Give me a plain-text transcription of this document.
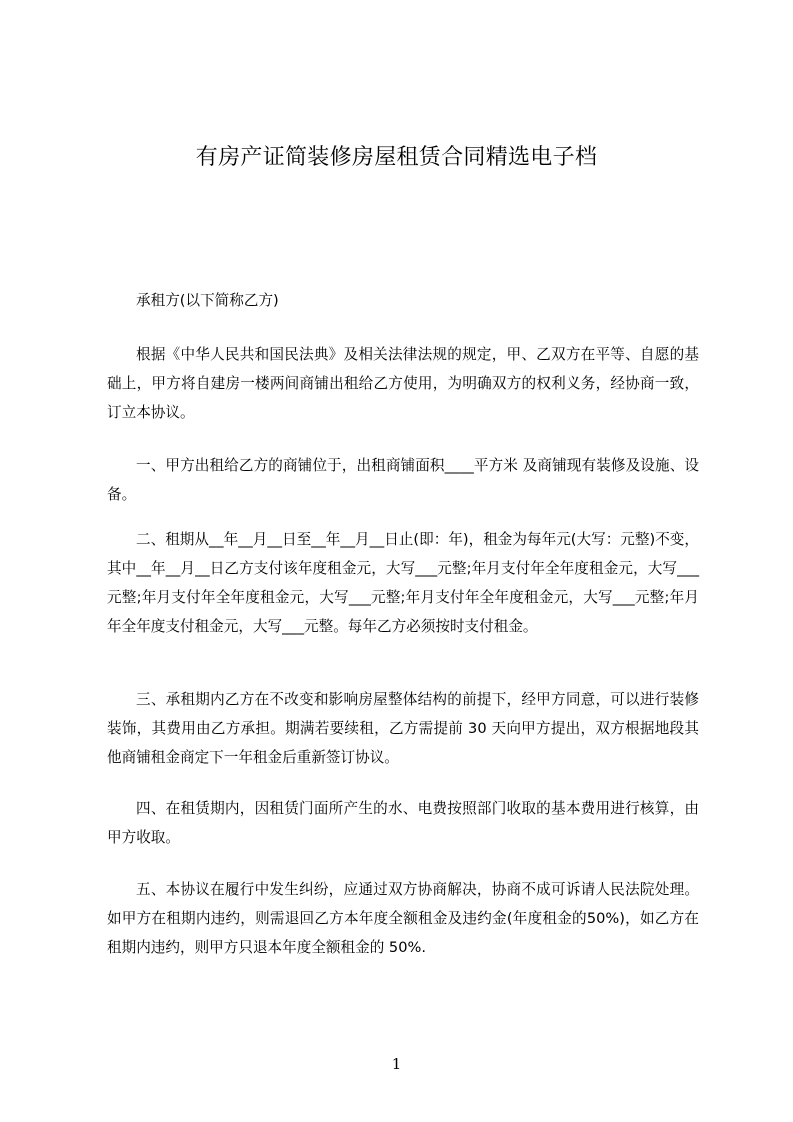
有房产证简装修房屋租赁合同精选电子档

承租方(以下简称乙方)

根据《中华人民共和国民法典》及相关法律法规的规定，甲、乙双方在平等、自愿的基础上，甲方将自建房一楼两间商铺出租给乙方使用，为明确双方的权利义务，经协商一致，订立本协议。

一、甲方出租给乙方的商铺位于，出租商铺面积____平方米 及商铺现有装修及设施、设备。

二、租期从__年__月__日至__年__月__日止(即：年)，租金为每年元(大写：元整)不变，其中__年__月__日乙方支付该年度租金元，大写___元整;年月支付年全年度租金元，大写___元整;年月支付年全年度租金元，大写___元整;年月支付年全年度租金元，大写___元整;年月年全年度支付租金元，大写___元整。每年乙方必须按时支付租金。

三、承租期内乙方在不改变和影响房屋整体结构的前提下，经甲方同意，可以进行装修装饰，其费用由乙方承担。期满若要续租，乙方需提前 30 天向甲方提出，双方根据地段其他商铺租金商定下一年租金后重新签订协议。

四、在租赁期内，因租赁门面所产生的水、电费按照部门收取的基本费用进行核算，由甲方收取。

五、本协议在履行中发生纠纷，应通过双方协商解决，协商不成可诉请人民法院处理。如甲方在租期内违约，则需退回乙方本年度全额租金及违约金(年度租金的50%)，如乙方在租期内违约，则甲方只退本年度全额租金的 50%.

1
